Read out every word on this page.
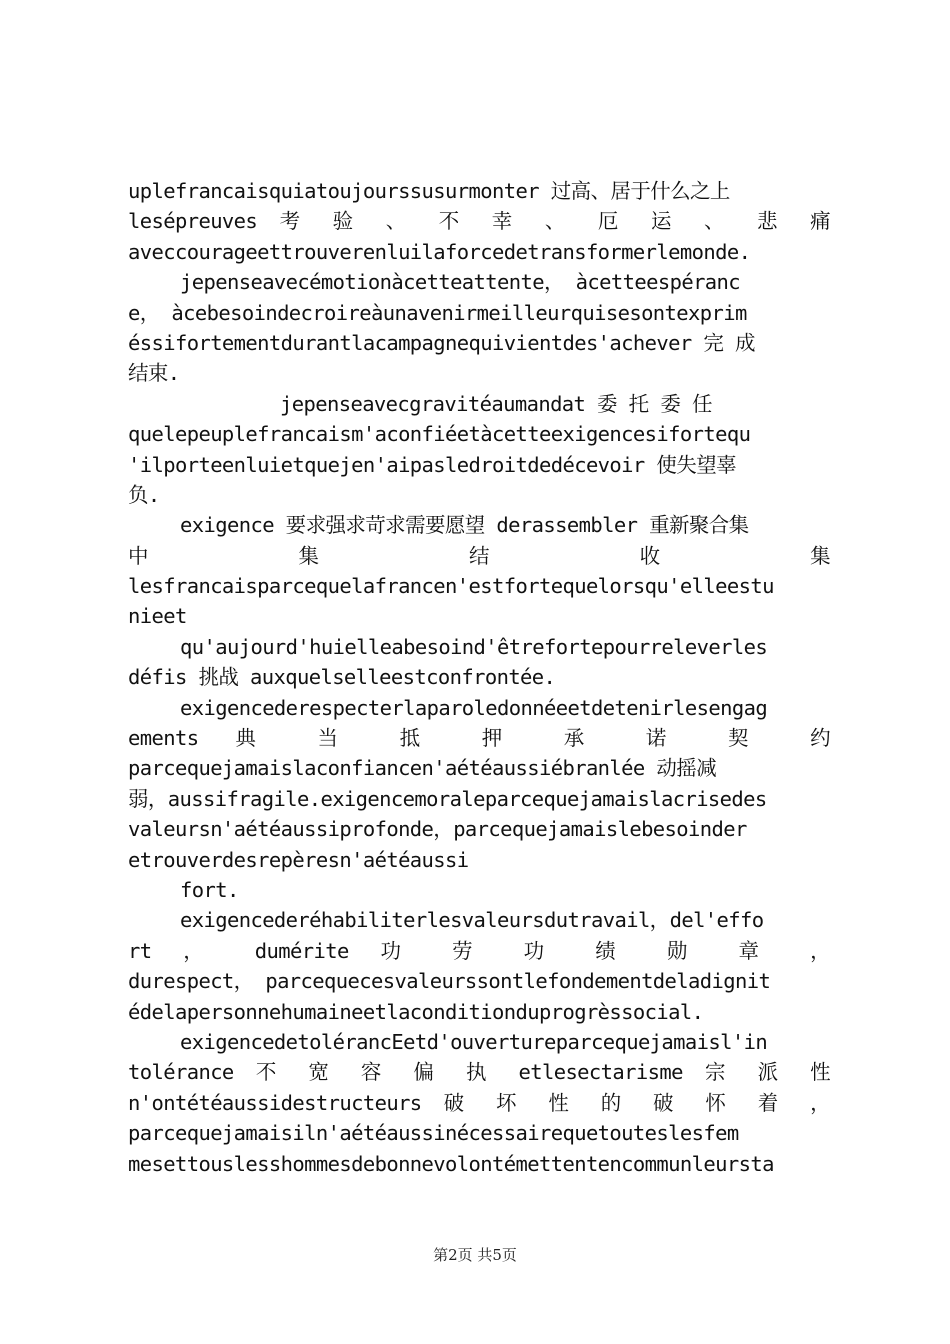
uplefrancaisquiatoujourssusurmonter 过高、居于什么之上
lesépreuves 考 验 、 不 幸 、 厄 运 、 悲 痛
aveccourageettrouverenluilaforcedetransformerlemonde.
jepenseavecémotionàcetteattente， àcetteespéranc
e， àcebesoindecroireàunavenirmeilleurquisesontexprim
éssifortementdurantlacampagnequivientdes'achever 完 成
结束.
jepenseavecgravitéaumandat 委 托 委 任
quelepeuplefrancaism'aconfiéetàcetteexigencesifortequ
'ilporteenluietquejen'aipasledroitdedécevoir 使失望辜
负.
exigence 要求强求苛求需要愿望 derassembler 重新聚合集
中 集 结 收 集
lesfrancaisparcequelafrancen'estfortequelorsqu'elleestu
nieet
qu'aujourd'huielleabesoind'êtrefortepourreleverles
défis 挑战 auxquelselleestconfrontée.
exigencederespecterlaparoledonnéeetdetenirlesengag
ements 典 当 抵 押 承 诺 契 约
parcequejamaislaconfiancen'aétéaussiébranlée 动摇减
弱，aussifragile.exigencemoraleparcequejamaislacrisedes
valeursn'aétéaussiprofonde，parcequejamaislebesoinder
etrouverdesrepèresn'aétéaussi
fort.
exigencederéhabiliterlesvaleursdutravail，del'effo
rt ， dumérite 功 劳 功 绩 勋 章 ，
durespect， parcequecesvaleurssontlefondementdeladignit
édelapersonnehumaineetlaconditionduprogrèssocial.
exigencedetolérancEetd'ouvertureparcequejamaisl'in
tolérance 不 宽 容 偏 执 etlesectarisme 宗 派 性
n'ontétéaussidestructeurs 破 坏 性 的 破 怀 着 ，
parcequejamaisiln'aétéaussinécessairequetouteslesfem
mesettouslesshommesdebonnevolontémettentencommunleursta
第2页 共5页
